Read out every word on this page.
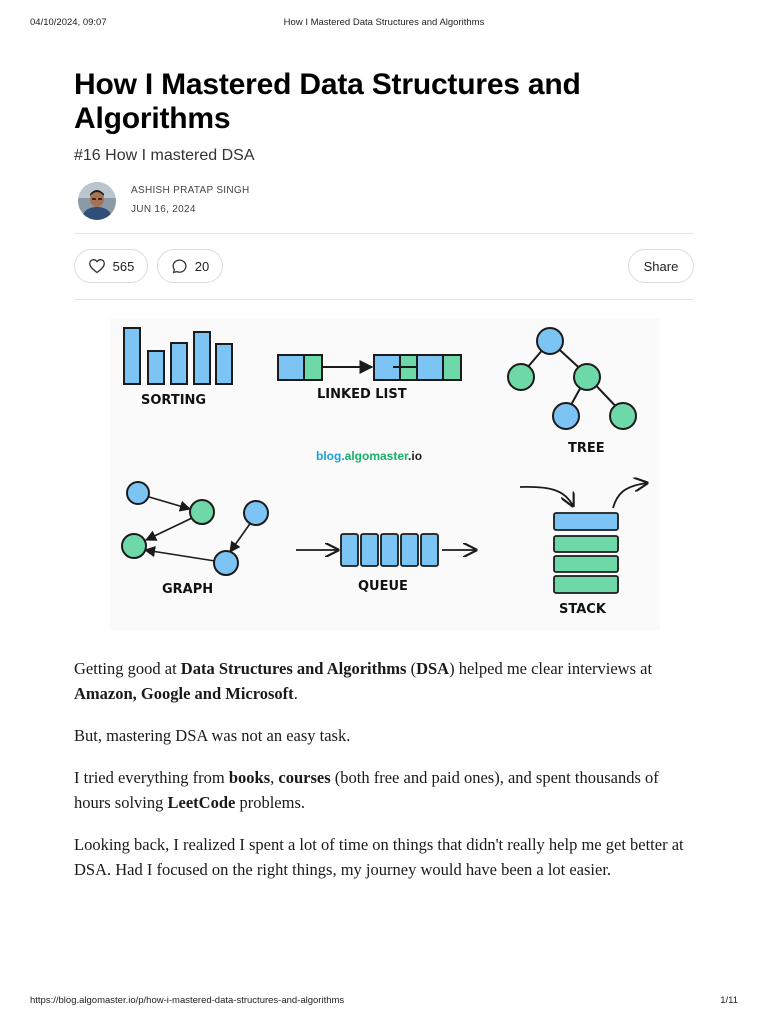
04/10/2024, 09:07	How I Mastered Data Structures and Algorithms
How I Mastered Data Structures and Algorithms
#16 How I mastered DSA
ASHISH PRATAP SINGH
JUN 16, 2024
565	20	Share
SORTING	LINKED LIST
TREE
blog.algomaster.io
GRAPH	QUEUE
STACK

Getting good at Data Structures and Algorithms (DSA) helped me clear interviews at Amazon, Google and Microsoft.

But, mastering DSA was not an easy task.

I tried everything from books, courses (both free and paid ones), and spent thousands of hours solving LeetCode problems.

Looking back, I realized I spent a lot of time on things that didn't really help me get better at DSA. Had I focused on the right things, my journey would have been a lot easier.

https://blog.algomaster.io/p/how-i-mastered-data-structures-and-algorithms	1/11
